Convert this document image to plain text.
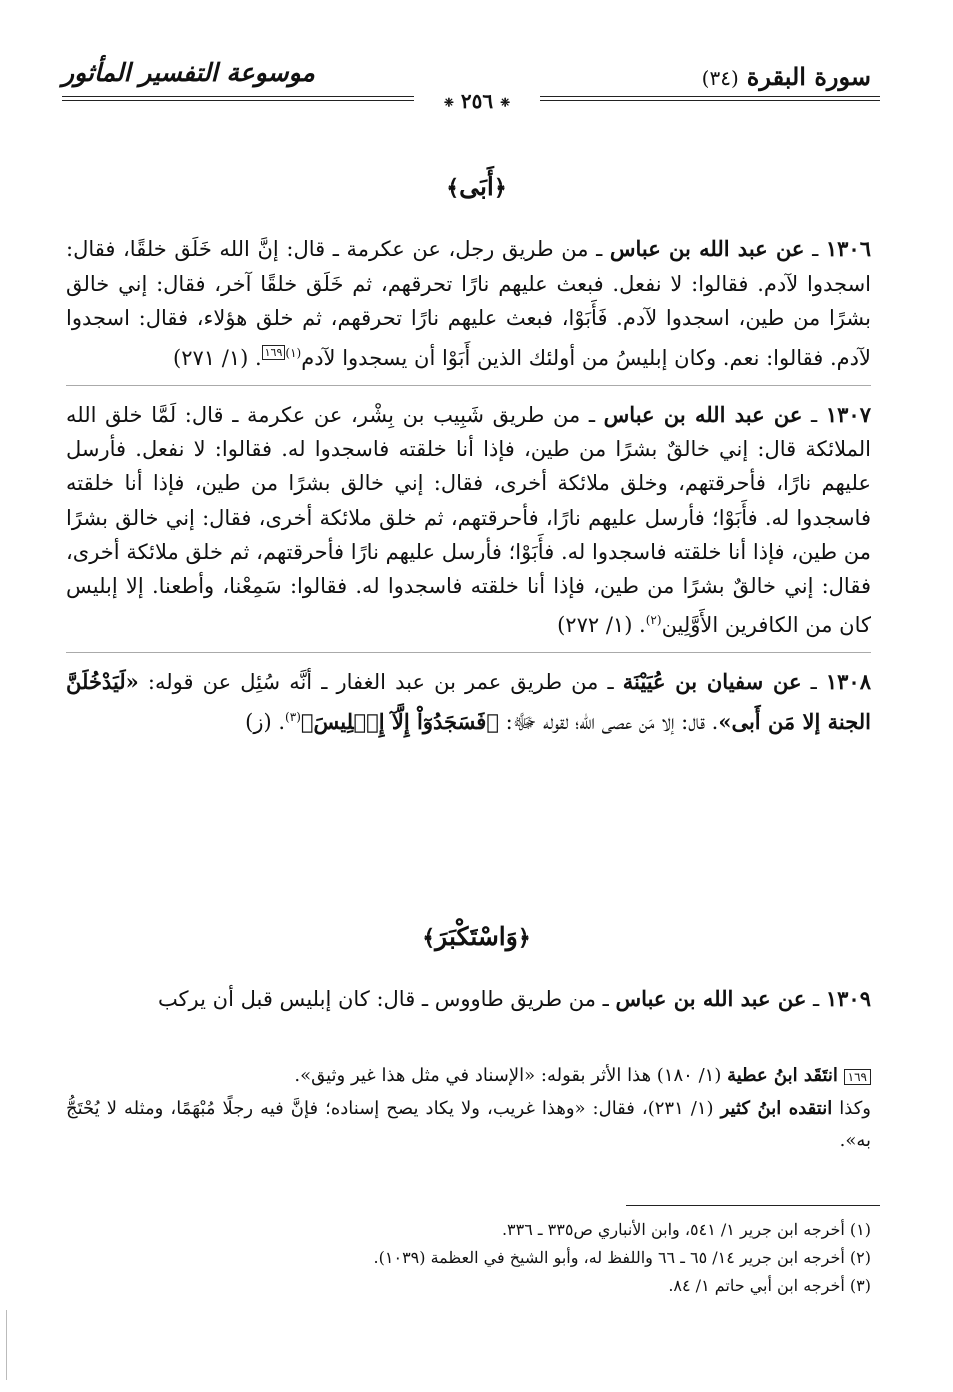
سورة البقرة(٣٤)
موسوعة التفسير المأثور
❈ ٢٥٦ ❈
﴿أَبَى﴾

١٣٠٦ ـ عن عبد الله بن عباس ـ من طريق رجل، عن عكرمة ـ قال: إنَّ الله خَلَق خلقًا، فقال: اسجدوا لآدم. فقالوا: لا نفعل. فبعث عليهم نارًا تحرقهم، ثم خَلَق خلقًا آخر، فقال: إني خالق بشرًا من طين، اسجدوا لآدم. فَأَبَوْا، فبعث عليهم نارًا تحرقهم، ثم خلق هؤلاء، فقال: اسجدوا لآدم. فقالوا: نعم. وكان إبليسُ من أولئك الذين أَبَوْا أن يسجدوا لآدم$^{(١)١٦٩}$. (١/ ٢٧١)

١٣٠٧ ـ عن عبد الله بن عباس ـ من طريق شَبِيب بن بِشْر، عن عكرمة ـ قال: لَمَّا خلق الله الملائكة قال: إني خالقٌ بشرًا من طين، فإذا أنا خلقته فاسجدوا له. فقالوا: لا نفعل. فأرسل عليهم نارًا، فأحرقتهم، وخلق ملائكة أخرى، فقال: إني خالق بشرًا من طين، فإذا أنا خلقته فاسجدوا له. فأَبَوْا؛ فأرسل عليهم نارًا، فأحرقتهم، ثم خلق ملائكة أخرى، فقال: إني خالق بشرًا من طين، فإذا أنا خلقته فاسجدوا له. فأَبَوْا؛ فأرسل عليهم نارًا فأحرقتهم، ثم خلق ملائكة أخرى، فقال: إني خالقٌ بشرًا من طين، فإذا أنا خلقته فاسجدوا له. فقالوا: سَمِعْنا، وأطعنا. إلا إبليس كان من الكافرين الأَوَّلِين$^{(٢)}$. (١/ ٢٧٢)

١٣٠٨ ـ عن سفيان بن عُيَيْنَة ـ من طريق عمر بن عبد الغفار ـ أنَّه سُئِل عن قوله: «لَيَدْخُلَنَّ الجنة إلا مَن أَبى». قال: إلا مَن عصى الله؛ لقوله ﷻ: ﴿فَسَجَدُوٓاْ إِلَّآ إِبۡلِيسَ﴾$^{(٣)}$. (ز)

﴿وَاسْتَكْبَرَ﴾

١٣٠٩ ـ عن عبد الله بن عباس ـ من طريق طاووس ـ قال: كان إبليس قبل أن يركب

١٦٩ انتَقَد ابنُ عطية (١/ ١٨٠) هذا الأثر بقوله: «الإسناد في مثل هذا غير وثيق».

وكذا انتقده ابنُ كثير (١/ ٢٣١)، فقال: «وهذا غريب، ولا يكاد يصح إسناده؛ فإنَّ فيه رجلًا مُبْهَمًا، ومثله لا يُحْتَجُّ به».

(١) أخرجه ابن جرير ١/ ٥٤١، وابن الأنباري ص٣٣٥ ـ ٣٣٦.

(٢) أخرجه ابن جرير ١٤/ ٦٥ ـ ٦٦ واللفظ له، وأبو الشيخ في العظمة (١٠٣٩).

(٣) أخرجه ابن أبي حاتم ١/ ٨٤.
